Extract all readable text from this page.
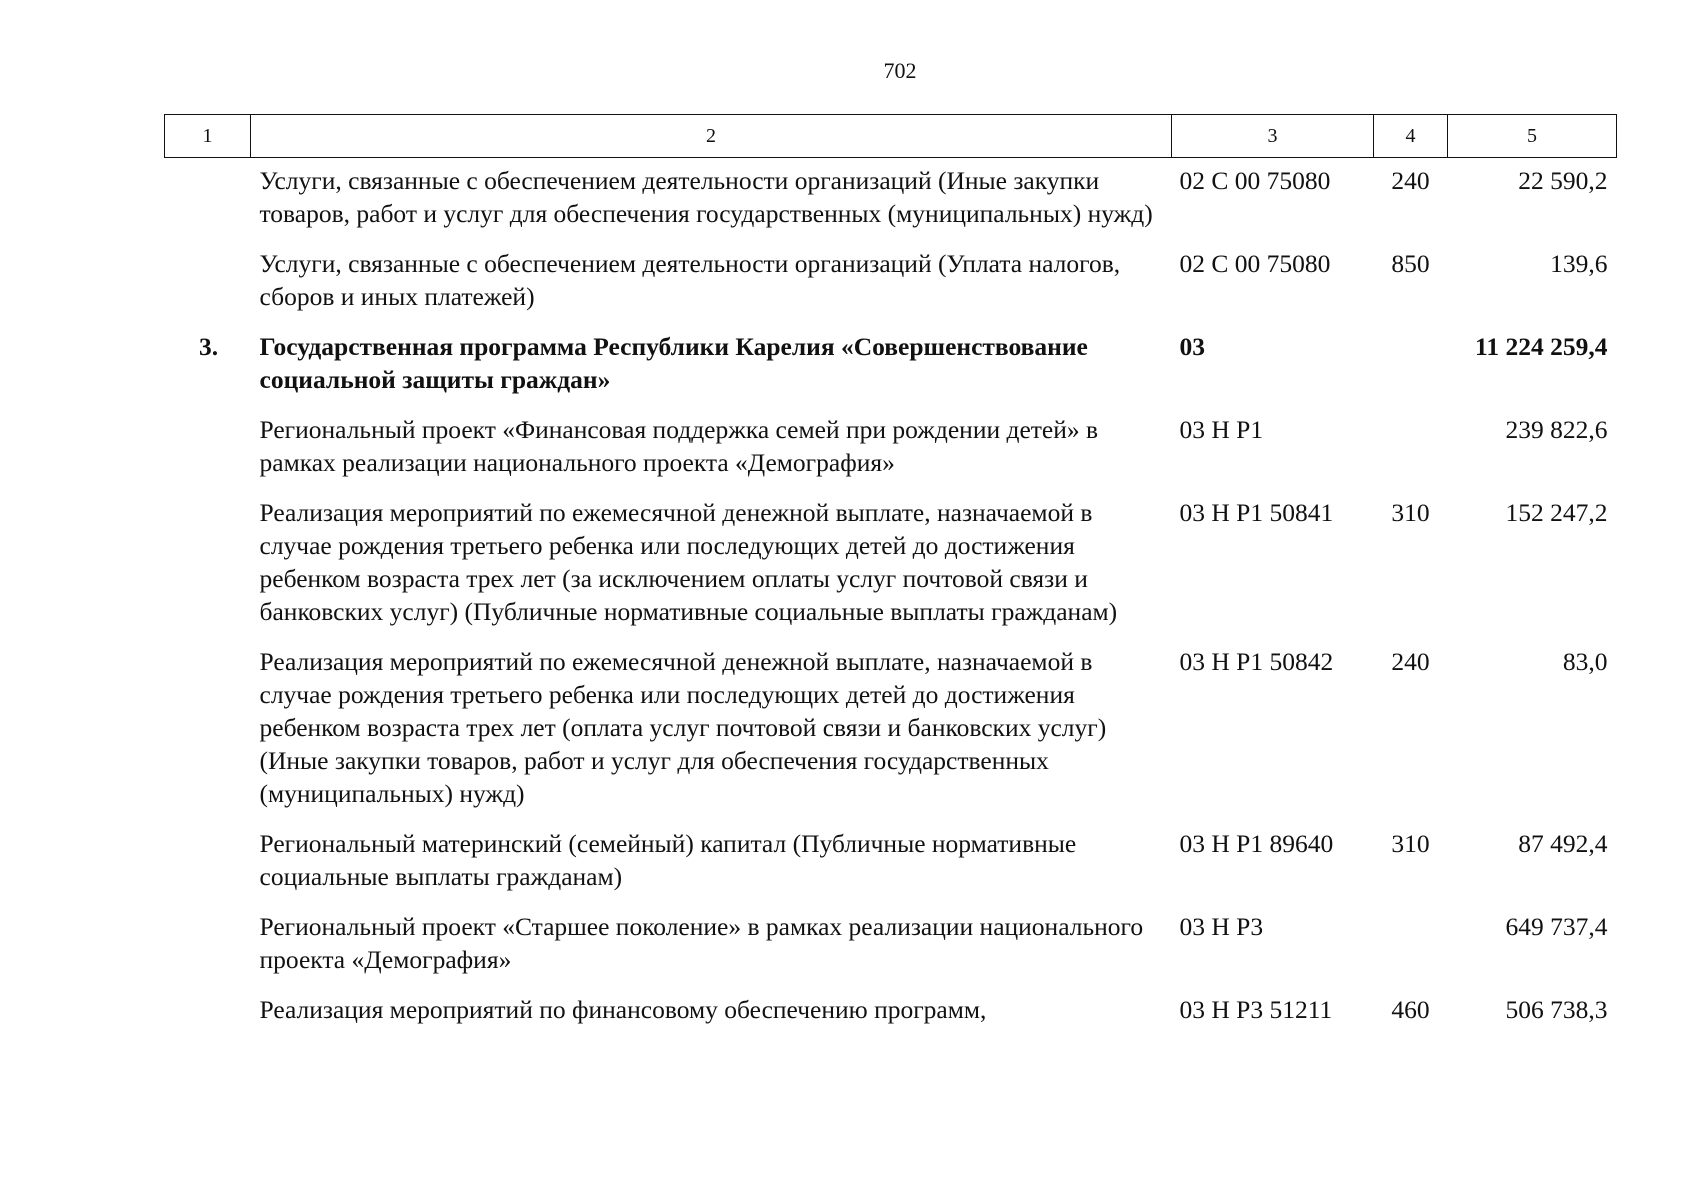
702
1	2	3	4	5
	Услуги, связанные с обеспечением деятельности организаций (Иные закупки товаров, работ и услуг для обеспечения государственных (муниципальных) нужд)	02 С 00 75080	240	22 590,2
	Услуги, связанные с обеспечением деятельности организаций (Уплата налогов, сборов и иных платежей)	02 С 00 75080	850	139,6
3.	Государственная программа Республики Карелия «Совершенствование социальной защиты граждан»	03		11 224 259,4
	Региональный проект «Финансовая поддержка семей при рождении детей» в рамках реализации национального проекта «Демография»	03 Н Р1		239 822,6
	Реализация мероприятий по ежемесячной денежной выплате, назначаемой в случае рождения третьего ребенка или последующих детей до достижения ребенком возраста трех лет (за исключением оплаты услуг почтовой связи и банковских услуг) (Публичные нормативные социальные выплаты гражданам)	03 Н Р1 50841	310	152 247,2
	Реализация мероприятий по ежемесячной денежной выплате, назначаемой в случае рождения третьего ребенка или последующих детей до достижения ребенком возраста трех лет (оплата услуг почтовой связи и банковских услуг) (Иные закупки товаров, работ и услуг для обеспечения государственных (муниципальных) нужд)	03 Н Р1 50842	240	83,0
	Региональный материнский (семейный) капитал (Публичные нормативные социальные выплаты гражданам)	03 Н Р1 89640	310	87 492,4
	Региональный проект «Старшее поколение» в рамках реализации национального проекта «Демография»	03 Н Р3		649 737,4
	Реализация мероприятий по финансовому обеспечению программ,	03 Н Р3 51211	460	506 738,3
